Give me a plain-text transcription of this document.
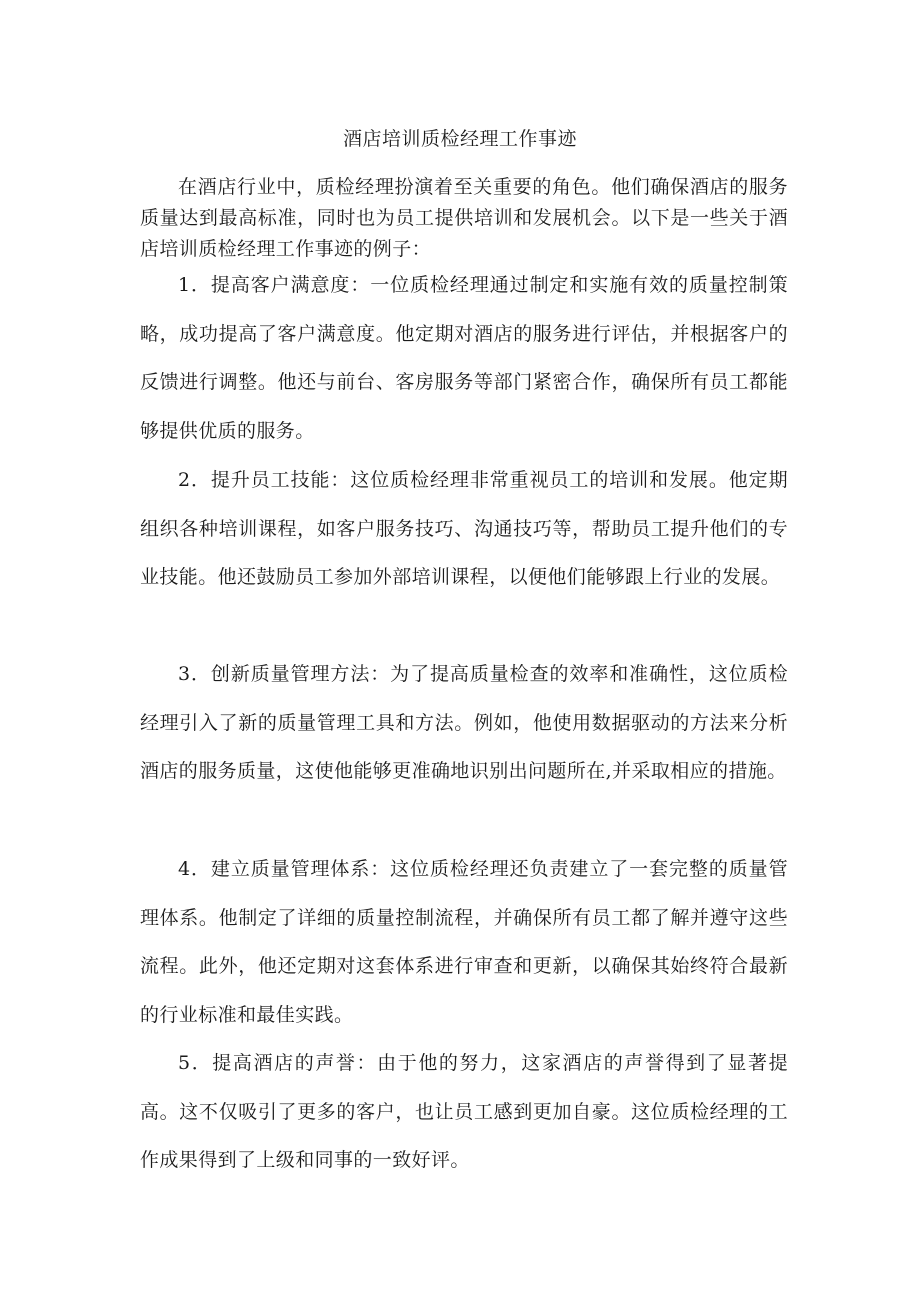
酒店培训质检经理工作事迹

在酒店行业中，质检经理扮演着至关重要的角色。他们确保酒店的服务质量达到最高标准，同时也为员工提供培训和发展机会。以下是一些关于酒店培训质检经理工作事迹的例子：

1．提高客户满意度：一位质检经理通过制定和实施有效的质量控制策略，成功提高了客户满意度。他定期对酒店的服务进行评估，并根据客户的反馈进行调整。他还与前台、客房服务等部门紧密合作，确保所有员工都能够提供优质的服务。

2．提升员工技能：这位质检经理非常重视员工的培训和发展。他定期组织各种培训课程，如客户服务技巧、沟通技巧等，帮助员工提升他们的专业技能。他还鼓励员工参加外部培训课程，以便他们能够跟上行业的发展。

3．创新质量管理方法：为了提高质量检查的效率和准确性，这位质检经理引入了新的质量管理工具和方法。例如，他使用数据驱动的方法来分析酒店的服务质量，这使他能够更准确地识别出问题所在,并采取相应的措施。

4．建立质量管理体系：这位质检经理还负责建立了一套完整的质量管理体系。他制定了详细的质量控制流程，并确保所有员工都了解并遵守这些流程。此外，他还定期对这套体系进行审查和更新，以确保其始终符合最新的行业标准和最佳实践。

5．提高酒店的声誉：由于他的努力，这家酒店的声誉得到了显著提高。这不仅吸引了更多的客户，也让员工感到更加自豪。这位质检经理的工作成果得到了上级和同事的一致好评。
